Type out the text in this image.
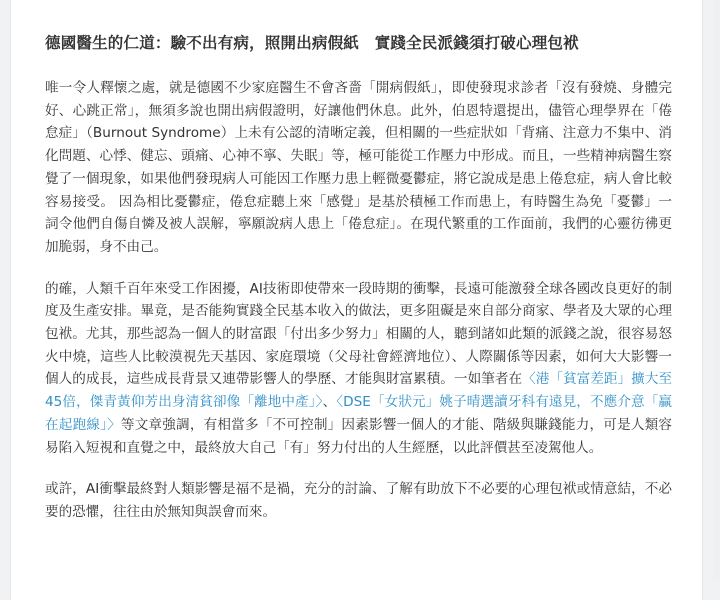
德國醫生的仁道：驗不出有病，照開出病假紙　實踐全民派錢須打破心理包袱

唯一令人釋懷之處，就是德國不少家庭醫生不會吝嗇「開病假紙」，即使發現求診者「沒有發燒、身體完好、心跳正常」，無須多說也開出病假證明，好讓他們休息。此外，伯恩特還提出，儘管心理學界在「倦怠症」（Burnout Syndrome）上未有公認的清晰定義，但相關的一些症狀如「背痛、注意力不集中、消化問題、心悸、健忘、頭痛、心神不寧、失眠」等，極可能從工作壓力中形成。而且，一些精神病醫生察覺了一個現象，如果他們發現病人可能因工作壓力患上輕微憂鬱症，將它說成是患上倦怠症，病人會比較容易接受。 因為相比憂鬱症，倦怠症聽上來「感覺」是基於積極工作而患上，有時醫生為免「憂鬱」一詞令他們自傷自憐及被人誤解，寧願說病人患上「倦怠症」。在現代繁重的工作面前，我們的心靈彷彿更加脆弱，身不由己。

的確，人類千百年來受工作困擾，AI技術即使帶來一段時期的衝擊，長遠可能激發全球各國改良更好的制度及生產安排。畢竟，是否能夠實踐全民基本收入的做法，更多阻礙是來自部分商家、學者及大眾的心理包袱。尤其，那些認為一個人的財富跟「付出多少努力」相關的人，聽到諸如此類的派錢之說，很容易怒火中燒，這些人比較漠視先天基因、家庭環境（父母社會經濟地位）、人際關係等因素，如何大大影響一個人的成長，這些成長背景又連帶影響人的學歷、才能與財富累積。一如筆者在〈港「貧富差距」擴大至45倍，傑青黃仰芳出身清貧卻像「離地中產」〉、〈DSE「女狀元」姚子晴選讀牙科有遠見，不應介意「贏在起跑線」〉等文章強調，有相當多「不可控制」因素影響一個人的才能、階級與賺錢能力，可是人類容易陷入短視和直覺之中，最終放大自己「有」努力付出的人生經歷，以此評價甚至凌駕他人。

或許，AI衝擊最終對人類影響是福不是禍，充分的討論、了解有助放下不必要的心理包袱或情意結，不必要的恐懼，往往由於無知與誤會而來。
